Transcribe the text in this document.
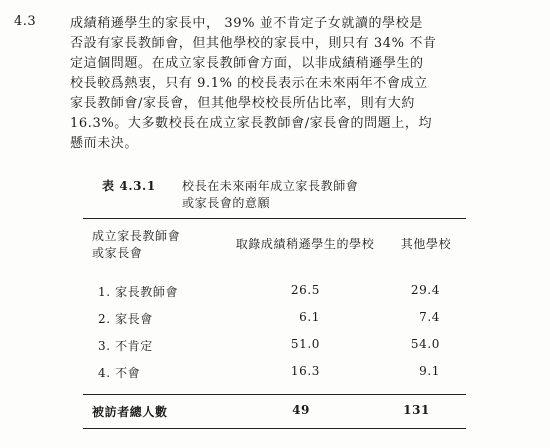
4.3	成績稍遜學生的家長中， 39% 並不肯定子女就讀的學校是

否設有家長教師會，但其他學校的家長中，則只有 34% 不肯

定這個問題。在成立家長教師會方面，以非成績稍遜學生的

校長較爲熱衷，只有 9.1% 的校長表示在未來兩年不會成立

家長教師會/家長會，但其他學校校長所佔比率，則有大約

16.3%。大多數校長在成立家長教師會/家長會的問題上，均

懸而未決。

表 4.3.1 校長在未來兩年成立家長教師會
或家長會的意願
成立家長教師會
或家長會
取錄成績稍遜學生的學校	其他學校
1. 家長教師會	26.5	29.4
2. 家長會	6.1	7.4
3. 不肯定	51.0	54.0
4. 不會	16.3	9.1
被訪者總人數	49	131
